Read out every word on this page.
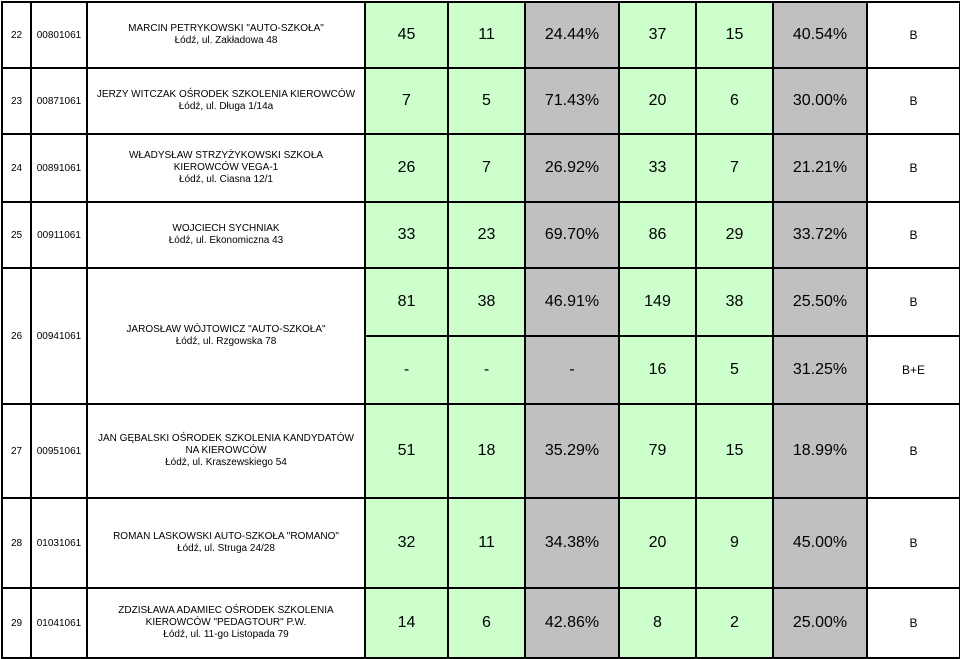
22	00801061	MARCIN PETRYKOWSKI "AUTO-SZKOŁA"
Łódź, ul. Zakładowa 48	45	11	24.44%	37	15	40.54%	B
23	00871061	JERZY WITCZAK OŚRODEK SZKOLENIA KIEROWCÓW
Łódź, ul. Długa 1/14a	7	5	71.43%	20	6	30.00%	B
24	00891061	WŁADYSŁAW STRZYŻYKOWSKI SZKOŁA
KIEROWCÓW VEGA-1
Łódź, ul. Ciasna 12/1	26	7	26.92%	33	7	21.21%	B
25	00911061	WOJCIECH SYCHNIAK
Łódź, ul. Ekonomiczna 43	33	23	69.70%	86	29	33.72%	B
26	00941061	JAROSŁAW WÓJTOWICZ "AUTO-SZKOŁA"
Łódź, ul. Rzgowska 78	81	38	46.91%	149	38	25.50%	B
			-	-	-	16	5	31.25%	B+E
27	00951061	JAN GĘBALSKI OŚRODEK SZKOLENIA KANDYDATÓW
NA KIEROWCÓW
Łódź, ul. Kraszewskiego 54	51	18	35.29%	79	15	18.99%	B
28	01031061	ROMAN LASKOWSKI AUTO-SZKOŁA "ROMANO"
Łódź, ul. Struga 24/28	32	11	34.38%	20	9	45.00%	B
29	01041061	ZDZISŁAWA ADAMIEC OŚRODEK SZKOLENIA
KIEROWCÓW "PEDAGTOUR" P.W.
Łódź, ul. 11-go Listopada 79	14	6	42.86%	8	2	25.00%	B
